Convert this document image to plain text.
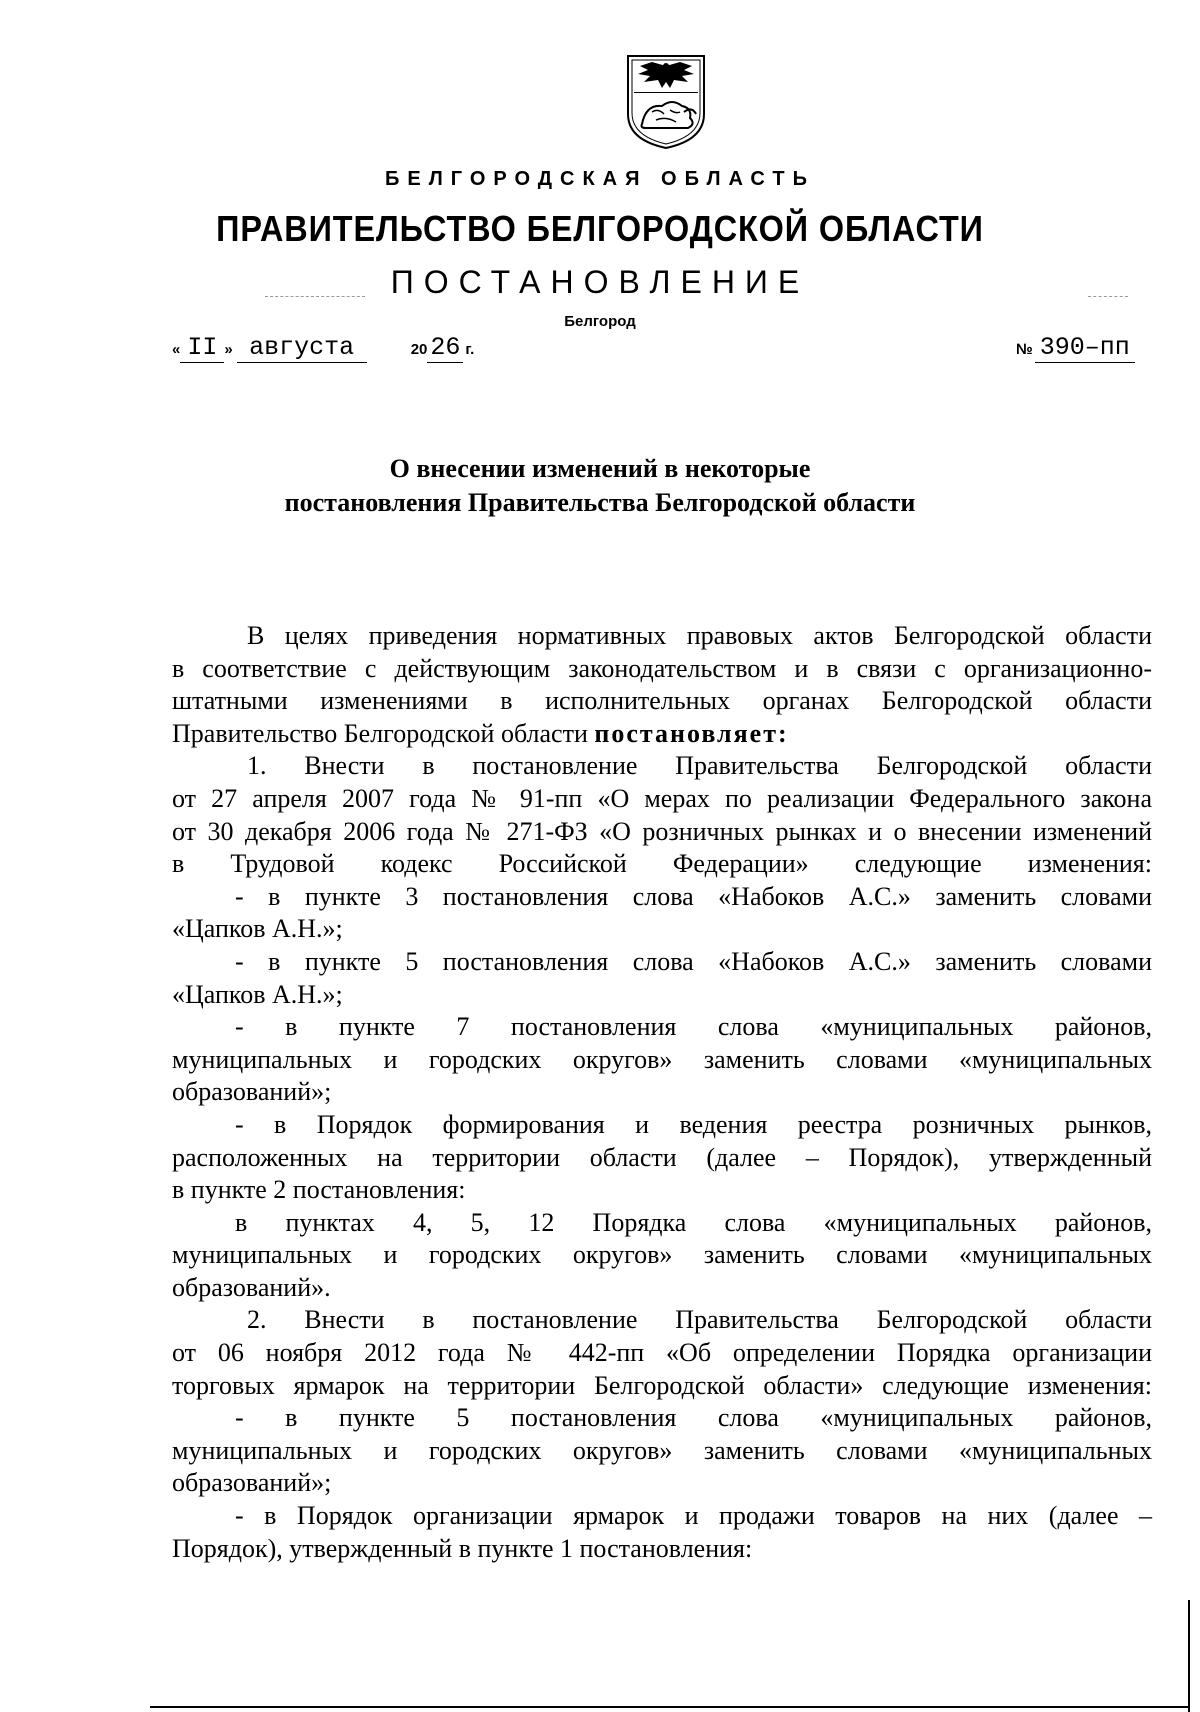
БЕЛГОРОДСКАЯ ОБЛАСТЬ
ПРАВИТЕЛЬСТВО БЕЛГОРОДСКОЙ ОБЛАСТИ
ПОСТАНОВЛЕНИЕ
Белгород
« II » августа	20 26 г.	№ 390–пп
О внесении изменений в некоторые
постановления Правительства Белгородской области

В целях приведения нормативных правовых актов Белгородской области

в соответствие с действующим законодательством и в связи с организационно-

штатными изменениями в исполнительных органах Белгородской области

Правительство Белгородской области постановляет:

1. Внести в постановление Правительства Белгородской области

от 27 апреля 2007 года № 91-пп «О мерах по реализации Федерального закона

от 30 декабря 2006 года № 271-ФЗ «О розничных рынках и о внесении изменений

в Трудовой кодекс Российской Федерации» следующие изменения:

- в пункте 3 постановления слова «Набоков А.С.» заменить словами

«Цапков А.Н.»;

- в пункте 5 постановления слова «Набоков А.С.» заменить словами

«Цапков А.Н.»;

- в пункте 7 постановления слова «муниципальных районов,

муниципальных и городских округов» заменить словами «муниципальных

образований»;

- в Порядок формирования и ведения реестра розничных рынков,

расположенных на территории области (далее – Порядок), утвержденный

в пункте 2 постановления:

в пунктах 4, 5, 12 Порядка слова «муниципальных районов,

муниципальных и городских округов» заменить словами «муниципальных

образований».

2. Внести в постановление Правительства Белгородской области

от 06 ноября 2012 года № 442-пп «Об определении Порядка организации

торговых ярмарок на территории Белгородской области» следующие изменения:

- в пункте 5 постановления слова «муниципальных районов,

муниципальных и городских округов» заменить словами «муниципальных

образований»;

- в Порядок организации ярмарок и продажи товаров на них (далее –

Порядок), утвержденный в пункте 1 постановления:
